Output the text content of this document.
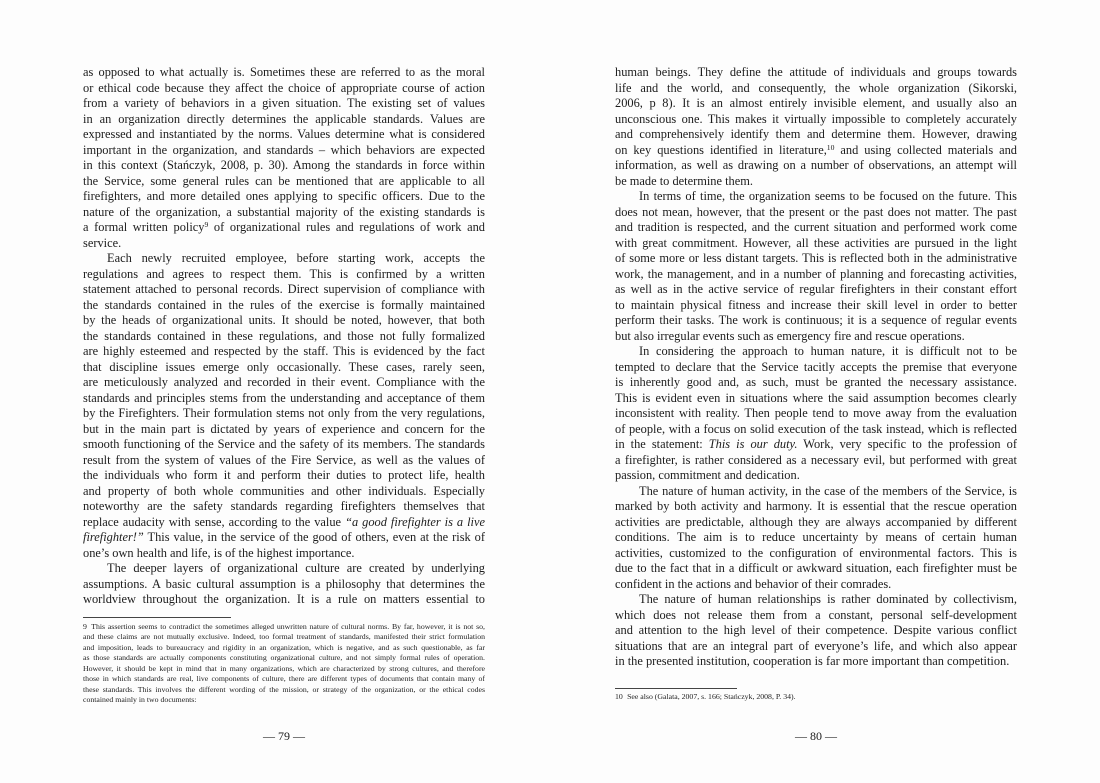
as opposed to what actually is. Sometimes these are referred to as the moral
or ethical code because they affect the choice of appropriate course of action
from a variety of behaviors in a given situation. The existing set of values
in an organization directly determines the applicable standards. Values are
expressed and instantiated by the norms. Values determine what is considered
important in the organization, and standards – which behaviors are expected
in this context (Stańczyk, 2008, p. 30). Among the standards in force within
the Service, some general rules can be mentioned that are applicable to all
firefighters, and more detailed ones applying to specific officers. Due to the
nature of the organization, a substantial majority of the existing standards is
a formal written policy$^9$ of organizational rules and regulations of work and
service.
Each newly recruited employee, before starting work, accepts the
regulations and agrees to respect them. This is confirmed by a written
statement attached to personal records. Direct supervision of compliance with
the standards contained in the rules of the exercise is formally maintained
by the heads of organizational units. It should be noted, however, that both
the standards contained in these regulations, and those not fully formalized
are highly esteemed and respected by the staff. This is evidenced by the fact
that discipline issues emerge only occasionally. These cases, rarely seen,
are meticulously analyzed and recorded in their event. Compliance with the
standards and principles stems from the understanding and acceptance of them
by the Firefighters. Their formulation stems not only from the very regulations,
but in the main part is dictated by years of experience and concern for the
smooth functioning of the Service and the safety of its members. The standards
result from the system of values of the Fire Service, as well as the values of
the individuals who form it and perform their duties to protect life, health
and property of both whole communities and other individuals. Especially
noteworthy are the safety standards regarding firefighters themselves that
replace audacity with sense, according to the value “a good firefighter is a live
firefighter!” This value, in the service of the good of others, even at the risk of
one’s own health and life, is of the highest importance.
The deeper layers of organizational culture are created by underlying
assumptions. A basic cultural assumption is a philosophy that determines the
worldview throughout the organization. It is a rule on matters essential to
9 This assertion seems to contradict the sometimes alleged unwritten nature of cultural norms. By far, however, it is not so,
and these claims are not mutually exclusive. Indeed, too formal treatment of standards, manifested their strict formulation
and imposition, leads to bureaucracy and rigidity in an organization, which is negative, and as such questionable, as far
as those standards are actually components constituting organizational culture, and not simply formal rules of operation.
However, it should be kept in mind that in many organizations, which are characterized by strong cultures, and therefore
those in which standards are real, live components of culture, there are different types of documents that contain many of
these standards. This involves the different wording of the mission, or strategy of the organization, or the ethical codes
contained mainly in two documents:
— 79 —
human beings. They define the attitude of individuals and groups towards
life and the world, and consequently, the whole organization (Sikorski,
2006, p 8). It is an almost entirely invisible element, and usually also an
unconscious one. This makes it virtually impossible to completely accurately
and comprehensively identify them and determine them. However, drawing
on key questions identified in literature,$^{10}$ and using collected materials and
information, as well as drawing on a number of observations, an attempt will
be made to determine them.
In terms of time, the organization seems to be focused on the future. This
does not mean, however, that the present or the past does not matter. The past
and tradition is respected, and the current situation and performed work come
with great commitment. However, all these activities are pursued in the light
of some more or less distant targets. This is reflected both in the administrative
work, the management, and in a number of planning and forecasting activities,
as well as in the active service of regular firefighters in their constant effort
to maintain physical fitness and increase their skill level in order to better
perform their tasks. The work is continuous; it is a sequence of regular events
but also irregular events such as emergency fire and rescue operations.
In considering the approach to human nature, it is difficult not to be
tempted to declare that the Service tacitly accepts the premise that everyone
is inherently good and, as such, must be granted the necessary assistance.
This is evident even in situations where the said assumption becomes clearly
inconsistent with reality. Then people tend to move away from the evaluation
of people, with a focus on solid execution of the task instead, which is reflected
in the statement: This is our duty. Work, very specific to the profession of
a firefighter, is rather considered as a necessary evil, but performed with great
passion, commitment and dedication.
The nature of human activity, in the case of the members of the Service, is
marked by both activity and harmony. It is essential that the rescue operation
activities are predictable, although they are always accompanied by different
conditions. The aim is to reduce uncertainty by means of certain human
activities, customized to the configuration of environmental factors. This is
due to the fact that in a difficult or awkward situation, each firefighter must be
confident in the actions and behavior of their comrades.
The nature of human relationships is rather dominated by collectivism,
which does not release them from a constant, personal self-development
and attention to the high level of their competence. Despite various conflict
situations that are an integral part of everyone’s life, and which also appear
in the presented institution, cooperation is far more important than competition.
10 See also (Galata, 2007, s. 166; Stańczyk, 2008, P. 34).
— 80 —
